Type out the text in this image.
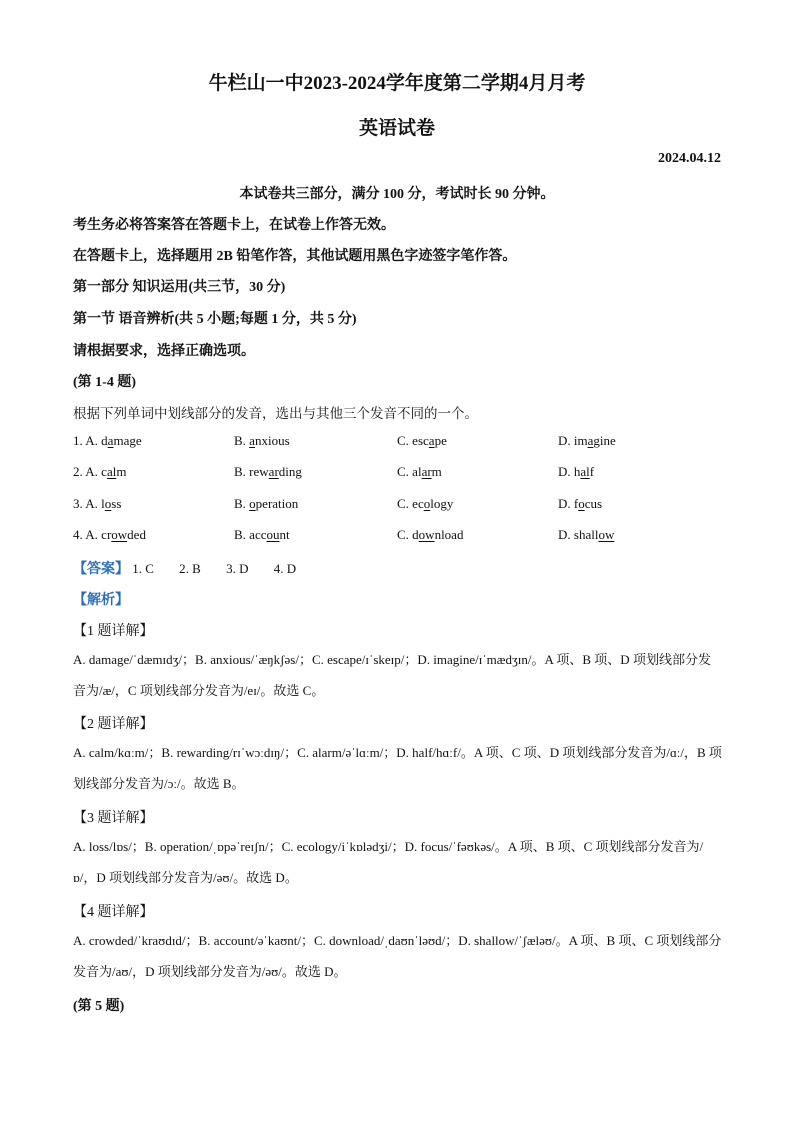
牛栏山一中2023-2024学年度第二学期4月月考
英语试卷
2024.04.12
本试卷共三部分，满分 100 分，考试时长 90 分钟。
考生务必将答案答在答题卡上，在试卷上作答无效。
在答题卡上，选择题用 2B 铅笔作答，其他试题用黑色字迹签字笔作答。
第一部分 知识运用(共三节，30 分)
第一节 语音辨析(共 5 小题;每题 1 分，共 5 分)
请根据要求，选择正确选项。
(第 1-4 题)
根据下列单词中划线部分的发音，选出与其他三个发音不同的一个。
1. A. damage	B. anxious	C. escape	D. imagine
2. A. calm	B. rewarding	C. alarm	D. half
3. A. loss	B. operation	C. ecology	D. focus
4. A. crowded	B. account	C. download	D. shallow
【答案】 1. C 2. B 3. D 4. D
【解析】
【1 题详解】
A. damage/ˈdæmɪdʒ/；B. anxious/ˈæŋkʃəs/；C. escape/ɪˈskeɪp/；D. imagine/ɪˈmædʒɪn/。A 项、B 项、D 项划线部分发音为/æ/，C 项划线部分发音为/eɪ/。故选 C。
【2 题详解】
A. calm/kɑːm/；B. rewarding/rɪˈwɔːdɪŋ/；C. alarm/əˈlɑːm/；D. half/hɑːf/。A 项、C 项、D 项划线部分发音为/ɑː/，B 项划线部分发音为/ɔː/。故选 B。
【3 题详解】
A. loss/lɒs/；B. operation/ˌɒpəˈreɪʃn/；C. ecology/iˈkɒlədʒi/；D. focus/ˈfəʊkəs/。A 项、B 项、C 项划线部分发音为/ɒ/，D 项划线部分发音为/əʊ/。故选 D。
【4 题详解】
A. crowded/ˈkraʊdɪd/；B. account/əˈkaʊnt/；C. download/ˌdaʊnˈləʊd/；D. shallow/ˈʃæləʊ/。A 项、B 项、C 项划线部分发音为/aʊ/，D 项划线部分发音为/əʊ/。故选 D。
(第 5 题)
